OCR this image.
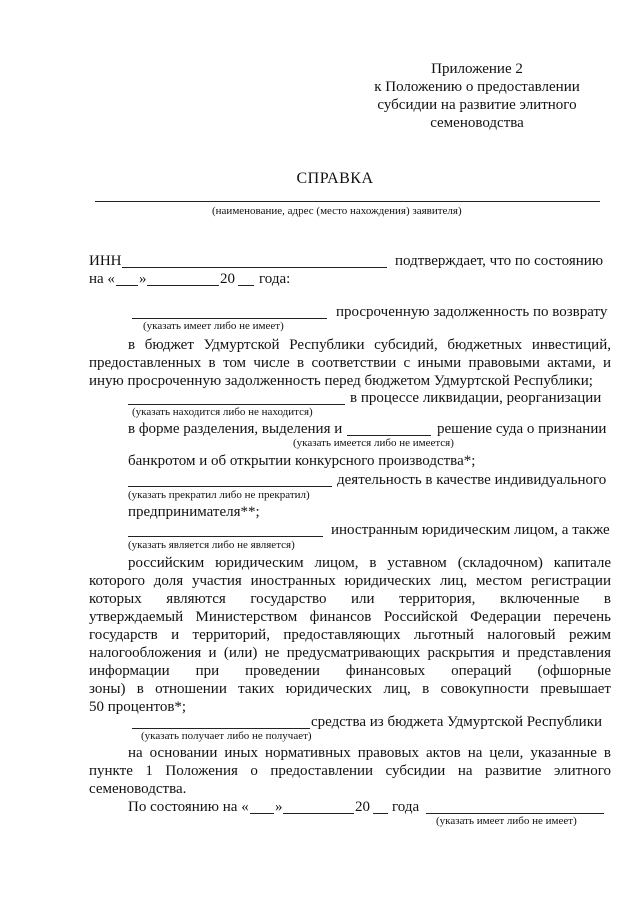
Приложение 2
к Положению о предоставлении
субсидии на развитие элитного
семеноводства
СПРАВКА
(наименование, адрес (место нахождения) заявителя)
ИНН	подтверждает, что по состоянию
на « »	20 года:
просроченную задолженность по возврату
(указать имеет либо не имеет)
в бюджет Удмуртской Республики субсидий, бюджетных инвестиций,
предоставленных в том числе в соответствии с иными правовыми актами, и
иную просроченную задолженность перед бюджетом Удмуртской Республики;
в процессе ликвидации, реорганизации
(указать находится либо не находится)
в форме разделения, выделения и	решение суда о признании
(указать имеется либо не имеется)
банкротом и об открытии конкурсного производства*;
деятельность в качестве индивидуального
(указать прекратил либо не прекратил)
предпринимателя**;
иностранным юридическим лицом, а также
(указать является либо не является)
российским юридическим лицом, в уставном (складочном) капитале
которого доля участия иностранных юридических лиц, местом регистрации
которых являются государство или территория, включенные в
утверждаемый Министерством финансов Российской Федерации перечень
государств и территорий, предоставляющих льготный налоговый режим
налогообложения и (или) не предусматривающих раскрытия и представления
информации при проведении финансовых операций (офшорные
зоны) в отношении таких юридических лиц, в совокупности превышает
50 процентов*;
средства из бюджета Удмуртской Республики
(указать получает либо не получает)
на основании иных нормативных правовых актов на цели, указанные в
пункте 1 Положения о предоставлении субсидии на развитие элитного
семеноводства.
По состоянию на « »	20 года
(указать имеет либо не имеет)
